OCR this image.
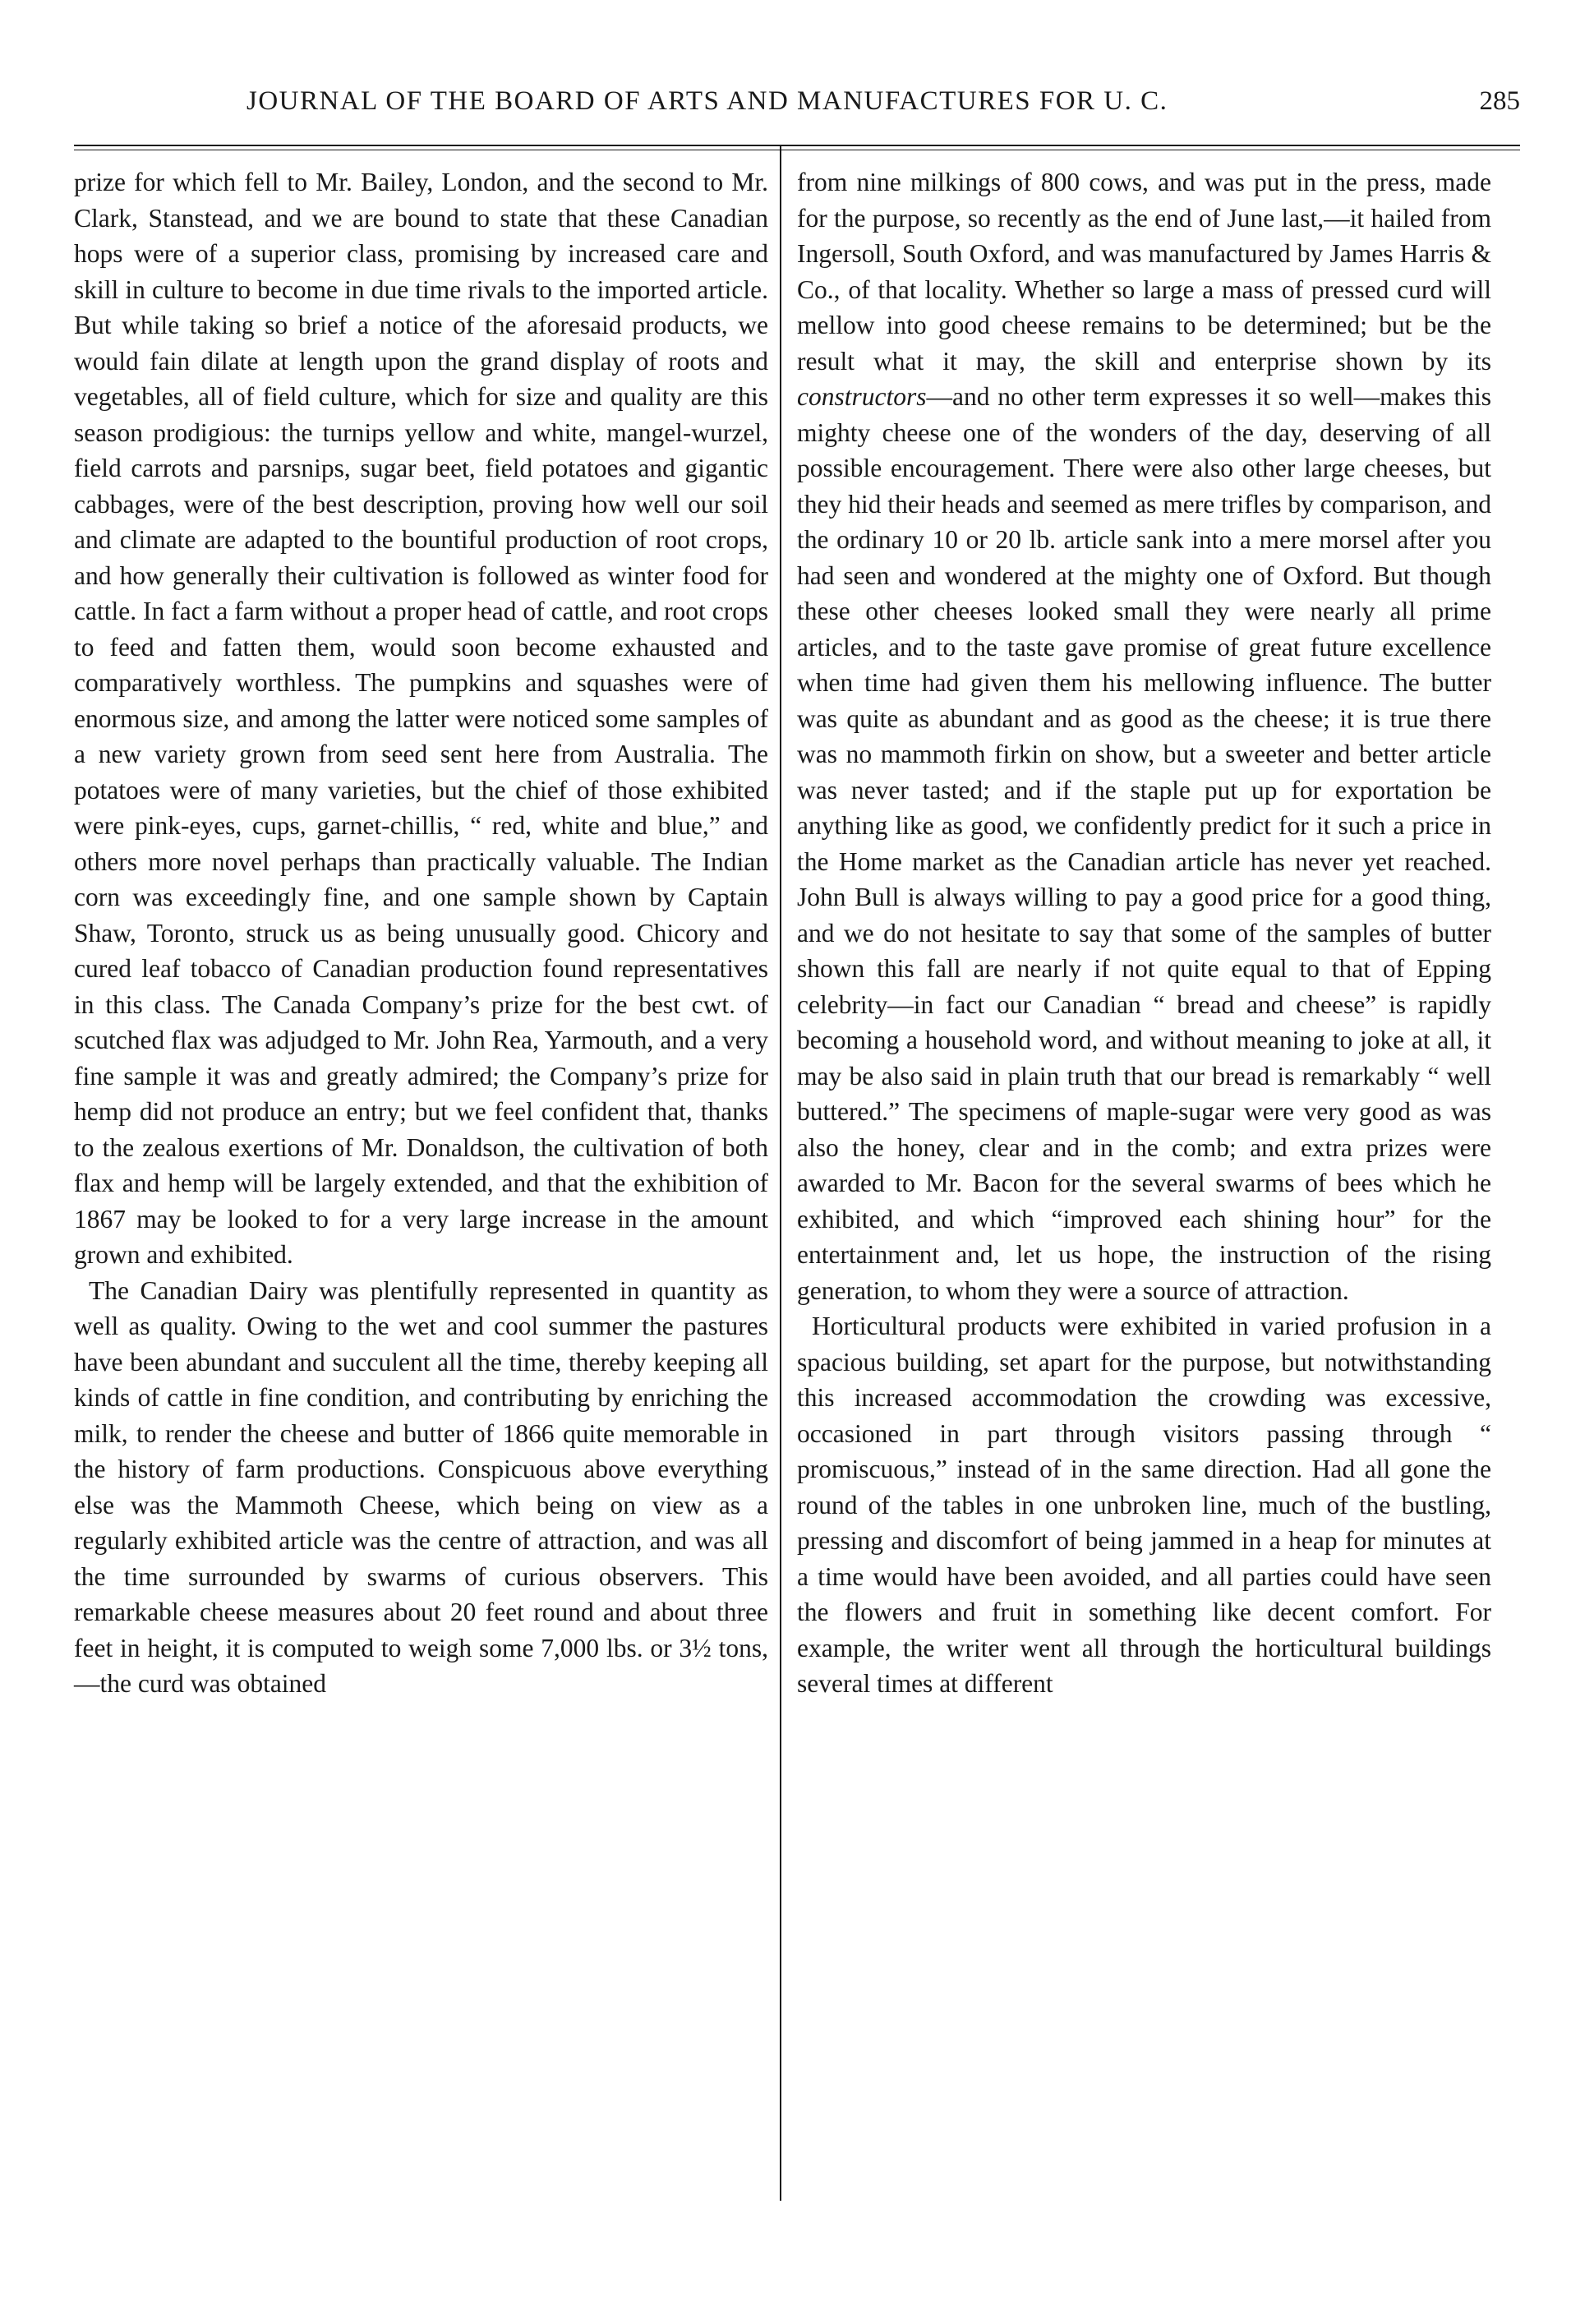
JOURNAL OF THE BOARD OF ARTS AND MANUFACTURES FOR U. C.	285

prize for which fell to Mr. Bailey, London, and the second to Mr. Clark, Stanstead, and we are bound to state that these Canadian hops were of a superior class, promising by increased care and skill in culture to become in due time rivals to the imported article. But while taking so brief a notice of the aforesaid products, we would fain dilate at length upon the grand display of roots and vegetables, all of field culture, which for size and quality are this season prodigious: the turnips yellow and white, mangel-wurzel, field carrots and parsnips, sugar beet, field potatoes and gigantic cabbages, were of the best description, proving how well our soil and climate are adapted to the bountiful production of root crops, and how generally their cultivation is followed as winter food for cattle. In fact a farm without a proper head of cattle, and root crops to feed and fatten them, would soon become exhausted and comparatively worthless. The pumpkins and squashes were of enormous size, and among the latter were noticed some samples of a new variety grown from seed sent here from Australia. The potatoes were of many varieties, but the chief of those exhibited were pink-eyes, cups, garnet-chillis, “ red, white and blue,” and others more novel perhaps than practically valuable. The Indian corn was exceedingly fine, and one sample shown by Captain Shaw, Toronto, struck us as being unusually good. Chicory and cured leaf tobacco of Canadian production found representatives in this class. The Canada Company’s prize for the best cwt. of scutched flax was adjudged to Mr. John Rea, Yarmouth, and a very fine sample it was and greatly admired; the Company’s prize for hemp did not produce an entry; but we feel confident that, thanks to the zealous exertions of Mr. Donaldson, the cultivation of both flax and hemp will be largely extended, and that the exhibition of 1867 may be looked to for a very large increase in the amount grown and exhibited.

The Canadian Dairy was plentifully represented in quantity as well as quality. Owing to the wet and cool summer the pastures have been abundant and succulent all the time, thereby keeping all kinds of cattle in fine condition, and contributing by enriching the milk, to render the cheese and butter of 1866 quite memorable in the history of farm productions. Conspicuous above everything else was the Mammoth Cheese, which being on view as a regularly exhibited article was the centre of attraction, and was all the time surrounded by swarms of curious observers. This remarkable cheese measures about 20 feet round and about three feet in height, it is computed to weigh some 7,000 lbs. or 3½ tons,—the curd was obtained

from nine milkings of 800 cows, and was put in the press, made for the purpose, so recently as the end of June last,—it hailed from Ingersoll, South Oxford, and was manufactured by James Harris & Co., of that locality. Whether so large a mass of pressed curd will mellow into good cheese remains to be determined; but be the result what it may, the skill and enterprise shown by its constructors—and no other term expresses it so well—makes this mighty cheese one of the wonders of the day, deserving of all possible encouragement. There were also other large cheeses, but they hid their heads and seemed as mere trifles by comparison, and the ordinary 10 or 20 lb. article sank into a mere morsel after you had seen and wondered at the mighty one of Oxford. But though these other cheeses looked small they were nearly all prime articles, and to the taste gave promise of great future excellence when time had given them his mellowing influence. The butter was quite as abundant and as good as the cheese; it is true there was no mammoth firkin on show, but a sweeter and better article was never tasted; and if the staple put up for exportation be anything like as good, we confidently predict for it such a price in the Home market as the Canadian article has never yet reached. John Bull is always willing to pay a good price for a good thing, and we do not hesitate to say that some of the samples of butter shown this fall are nearly if not quite equal to that of Epping celebrity—in fact our Canadian “ bread and cheese” is rapidly becoming a household word, and without meaning to joke at all, it may be also said in plain truth that our bread is remarkably “ well buttered.” The specimens of maple-sugar were very good as was also the honey, clear and in the comb; and extra prizes were awarded to Mr. Bacon for the several swarms of bees which he exhibited, and which “improved each shining hour” for the entertainment and, let us hope, the instruction of the rising generation, to whom they were a source of attraction.

Horticultural products were exhibited in varied profusion in a spacious building, set apart for the purpose, but notwithstanding this increased accommodation the crowding was excessive, occasioned in part through visitors passing through “ promiscuous,” instead of in the same direction. Had all gone the round of the tables in one unbroken line, much of the bustling, pressing and discomfort of being jammed in a heap for minutes at a time would have been avoided, and all parties could have seen the flowers and fruit in something like decent comfort. For example, the writer went all through the horticultural buildings several times at different
